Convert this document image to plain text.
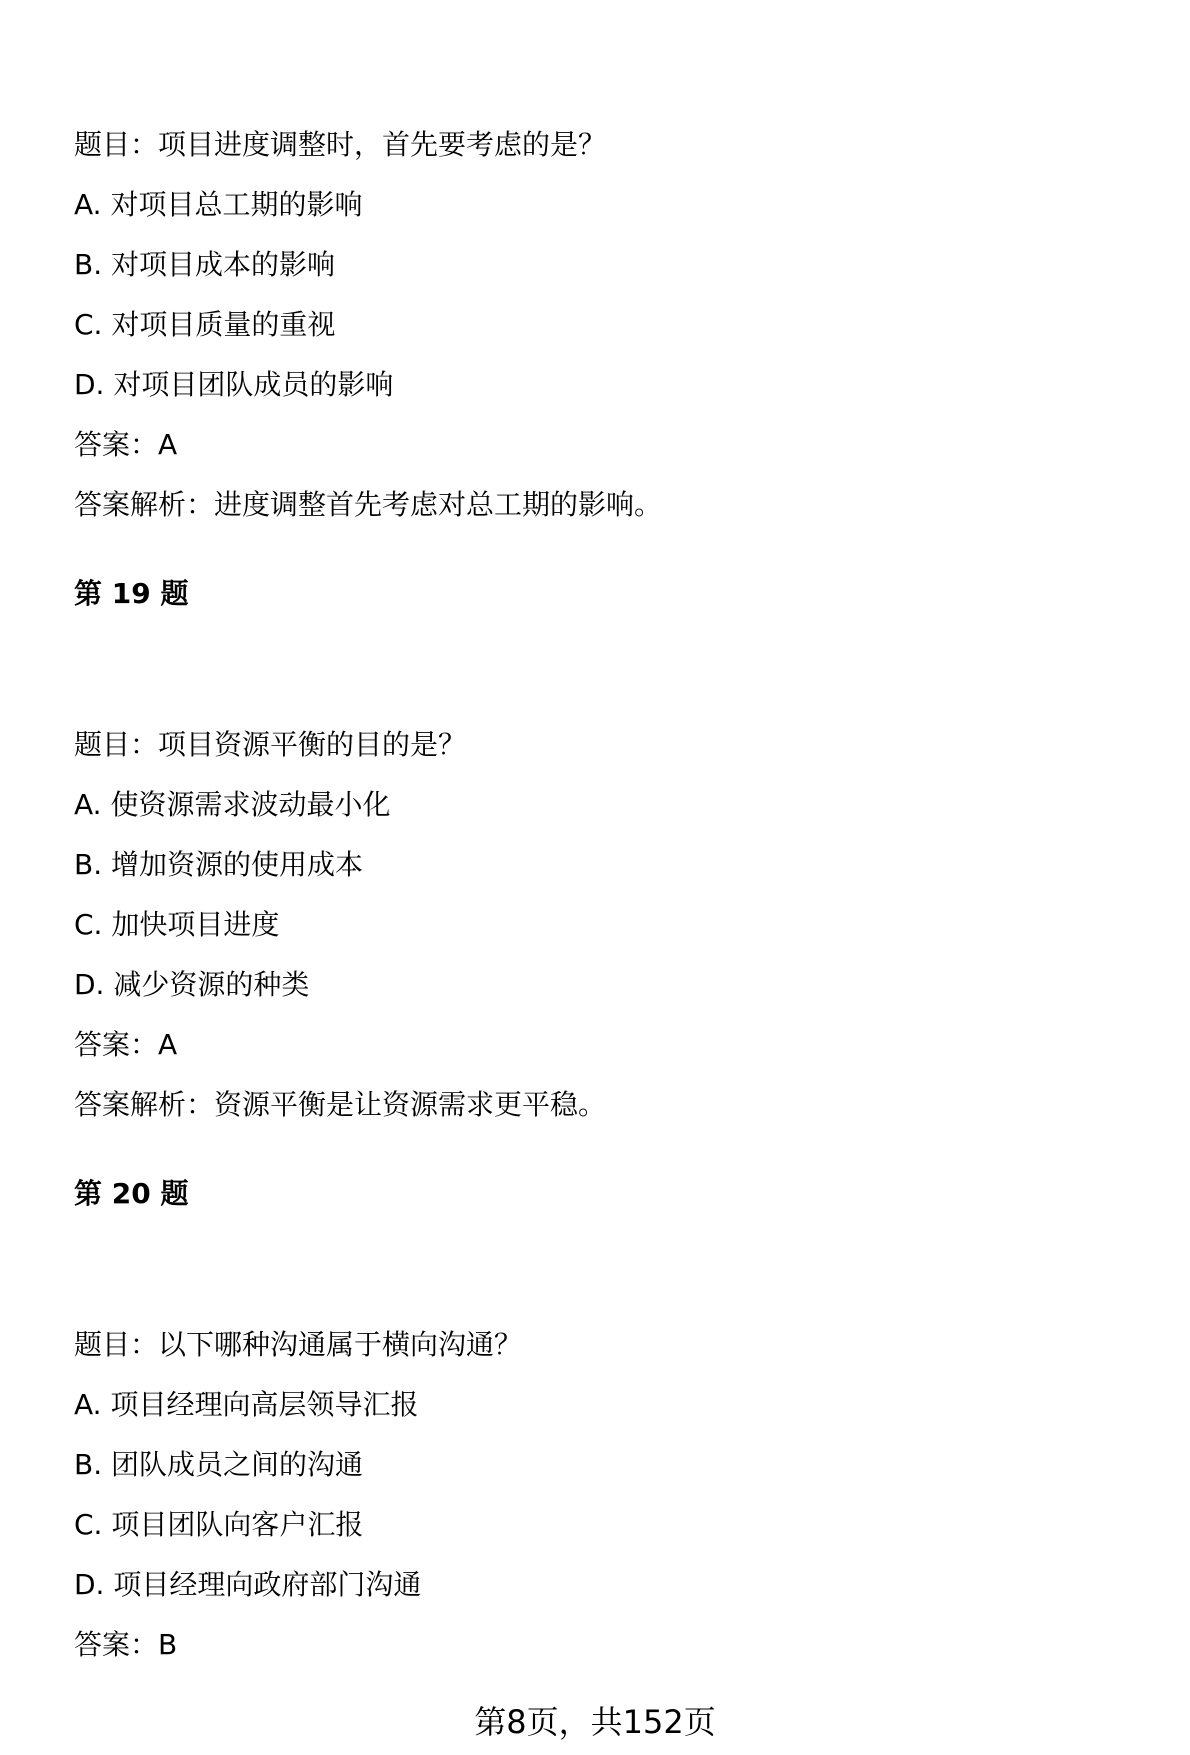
题目：项目进度调整时，首先要考虑的是？

A. 对项目总工期的影响

B. 对项目成本的影响

C. 对项目质量的重视

D. 对项目团队成员的影响

答案：A

答案解析：进度调整首先考虑对总工期的影响。

第 19 题

题目：项目资源平衡的目的是？

A. 使资源需求波动最小化

B. 增加资源的使用成本

C. 加快项目进度

D. 减少资源的种类

答案：A

答案解析：资源平衡是让资源需求更平稳。

第 20 题

题目：以下哪种沟通属于横向沟通？

A. 项目经理向高层领导汇报

B. 团队成员之间的沟通

C. 项目团队向客户汇报

D. 项目经理向政府部门沟通

答案：B

第8页，共152页
